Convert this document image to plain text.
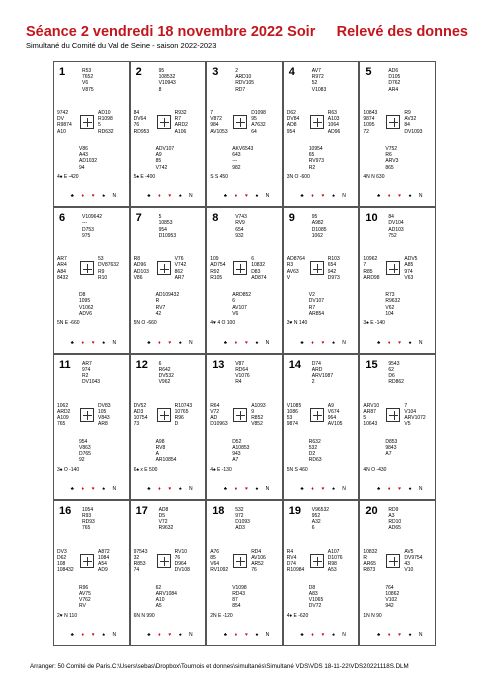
Séance 2 vendredi 18 novembre 2022 Soir Relevé des donnes
Simultané du Comité du Val de Seine - saison 2022-2023
1	R53
7652
V6
V875
9742
DV
R9874
A10
AD10
R1098
5
RD632
V86
A43
AD1032
94
4♠ E -420

♣	♦	♥	♠	N

2	95
108532
V10943
8
84
DV64
76
RD953
R932
R7
ARD2
A106
ADV107
A9
85
V742
5♠ E -400

♣	♦	♥	♠	N

3	2
ARD10
RDV105
RD7
7
V872
984
AV1053
D1098
95
A7632
64
AKV6543
643
---
982
S S 450

♣	♦	♥	♠	N

4	AV7
R972
52
V1083
D62
DV84
AD8
954
R63
A103
1064
AD96
10954
65
RV973
R2
3N O -600

♣	♦	♥	♠	N

5	AD6
D105
D762
AR4
10843
9874
1095
72
R9
AV32
84
DV1093
V752
R6
ARV3
865
4N N 630

♣	♦	♥	♠	N

6	V109642
---
D753
975
AR7
AR4
A84
8432
53
DV87632
R9
R10
D8
1095
V1062
ADV6
5N E -660

♣	♦	♥	♠	N

7	5
10853
954
D10953
R8
AD96
AD103
V86
V76
V742
862
AR7
AD109432
R
RV7
42
5N O -660

♣	♦	♥	♠	N

8	V743
RV9
654
932
109
AD754
R92
R105
6
10832
D83
AD874
ARD852
6
AV107
V6
4♥ 4 O 100

♣	♦	♥	♠	N

9	95
A982
D1085
1062
AD8764
R3
AV63
V
R103
654
942
D973
V2
DV107
R7
AR854
3♥ N 140

♣	♦	♥	♠	N

10 84
DV104
AD103
752
10962
7
R85
ARD98
ADV5
A85
974
V63
R73
R9632
V62
104
3♠ E -140

♣	♦	♥	♠	N

11 AR7
974
R2
DV1043
1062
ARD2
A109
765
DV83
105
V843
AR8
954
V863
D765
92
3♠ O -140

♣	♦	♥	♠	N

12 6
R642
DV532
V962
DV52
AD3
10754
73
R10743
10765
R96
D
A98
RV8
A
AR10854
6♠ x E 500

♣	♦	♥	♠	N

13 V87
RD64
V1076
R4
R64
V72
AD
D10963
A1093
9
R852
V852
D52
A10853
943
A7
4♠ E -130

♣	♦	♥	♠	N

14 D74
ARD
ARV1087
2
V1085
1086
53
9874
A9
V674
964
AV105
R632
532
D2
RD63
5N S 460

♣	♦	♥	♠	N

15 9543
62
D6
RD862
ARV10
AR87
5
10643
7
V104
ARV1072
V5
D853
9843
A7
4N O -430

♣	♦	♥	♠	N

16 1054
R93
RD93
765
DV3
D62
108
108432
A872
1084
A54
AD9
R96
AV75
V762
RV
2♥ N 110

♣	♦	♥	♠	N

17 AD8
D5
V72
R9632
97543
32
R853
74
RV10
76
D964
DV108
62
ARV1084
A10
A5
6N N 990

♣	♦	♥	♠	N

18 532
972
D1093
AD3
A76
85
V64
RV1092
RD4
AV106
AR52
76
V1098
RD43
87
854
2N E -120

♣	♦	♥	♠	N

19 V96532
952
A32
6
R4
RV4
D74
R10984
A107
D1076
R98
A53
D8
A83
V1065
DV72
4♦ E -620

♣	♦	♥	♠	N

20 RD9
A3
RD10
AD65
10832
R
AR65
R873
AV5
DV9754
43
V10
764
10862
V102
942
1N N 90

♣	♦	♥	♠	N

Arranger: 50 Comité de Paris.C:\Users\sebas\Dropbox\Tournois et donnes\simultanés\Simultané VDS\VDS 18-11-22\VDS20221118S.DLM
